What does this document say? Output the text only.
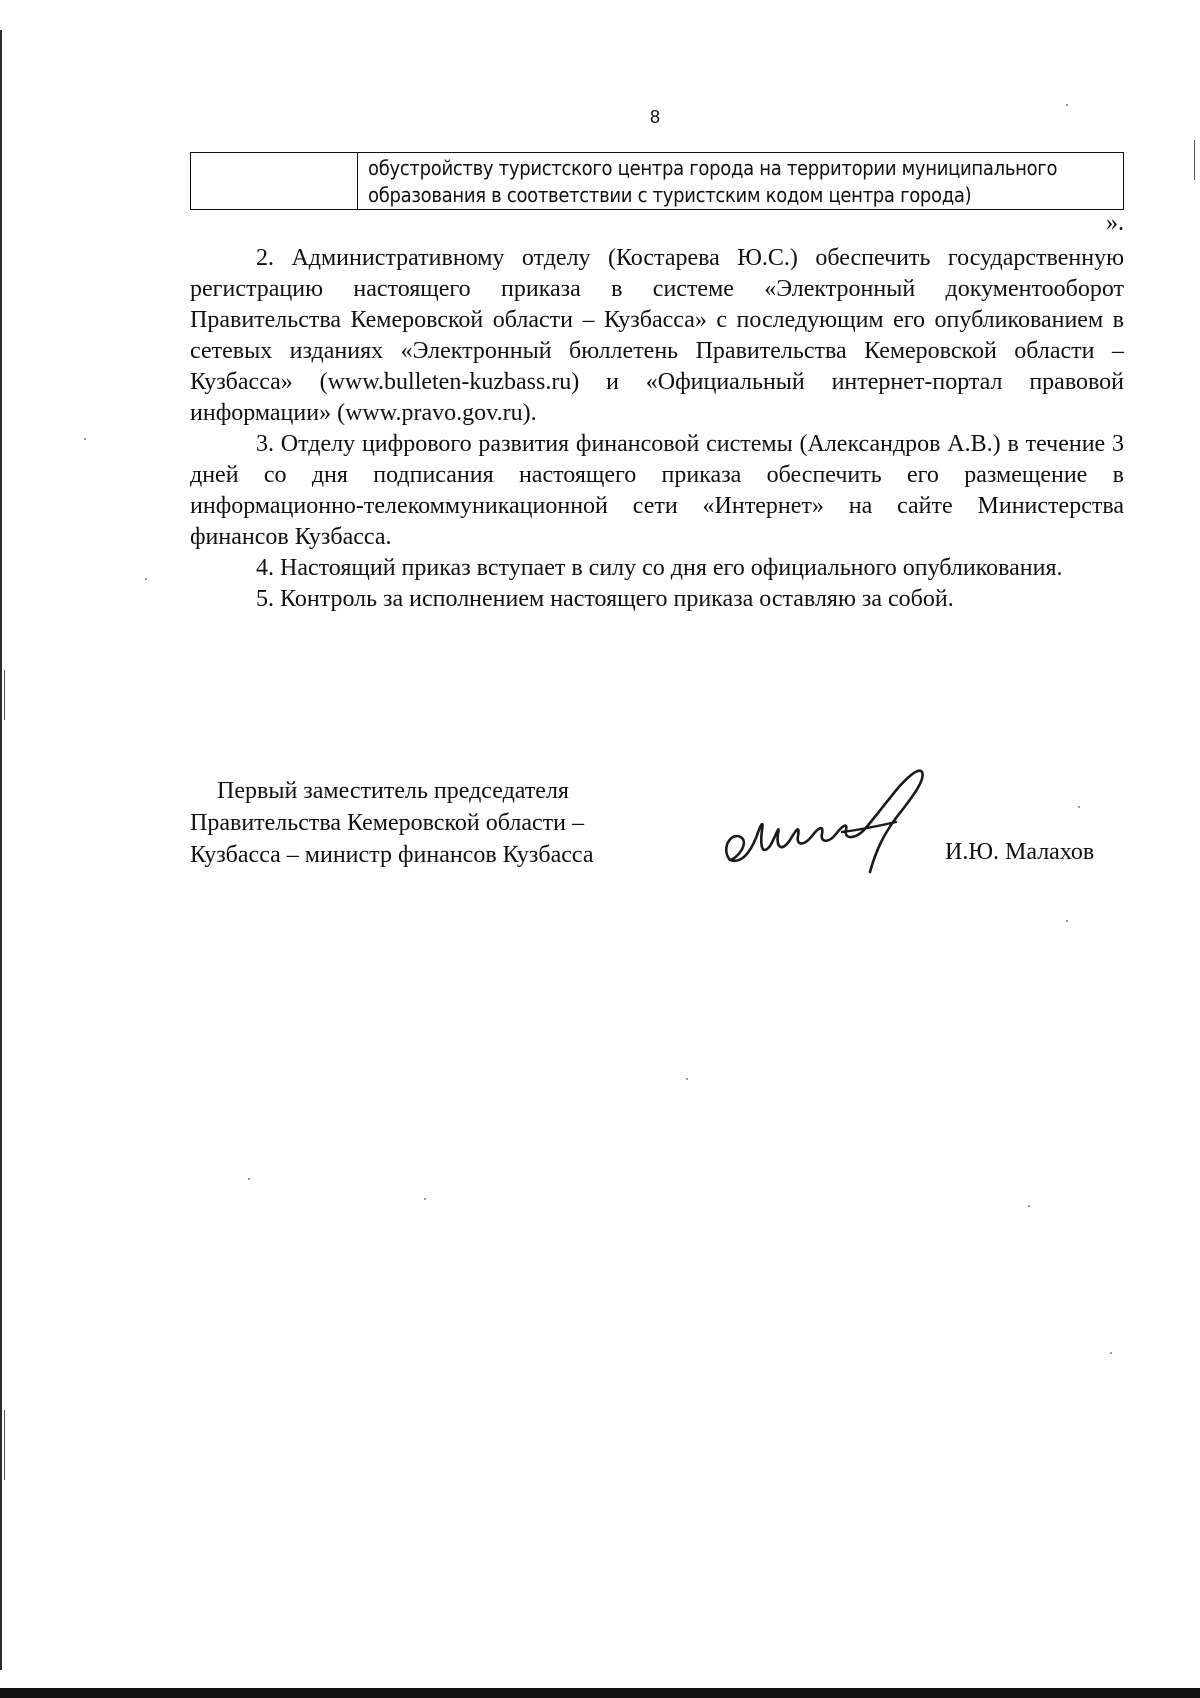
8

обустройству туристского центра города на территории муниципального
образования в соответствии с туристским кодом центра города)
».

2. Административному отделу (Костарева Ю.С.) обеспечить государственную регистрацию настоящего приказа в системе «Электронный документооборот Правительства Кемеровской области – Кузбасса» с последующим его опубликованием в сетевых изданиях «Электронный бюллетень Правительства Кемеровской области – Кузбасса» (www.bulleten-kuzbass.ru) и «Официальный интернет-портал правовой информации» (www.pravo.gov.ru).

3. Отделу цифрового развития финансовой системы (Александров А.В.) в течение 3 дней со дня подписания настоящего приказа обеспечить его размещение в информационно-телекоммуникационной сети «Интернет» на сайте Министерства финансов Кузбасса.

4. Настоящий приказ вступает в силу со дня его официального опубликования.

5. Контроль за исполнением настоящего приказа оставляю за собой.

Первый заместитель председателя
Правительства Кемеровской области –
Кузбасса – министр финансов Кузбасса	И.Ю. Малахов
